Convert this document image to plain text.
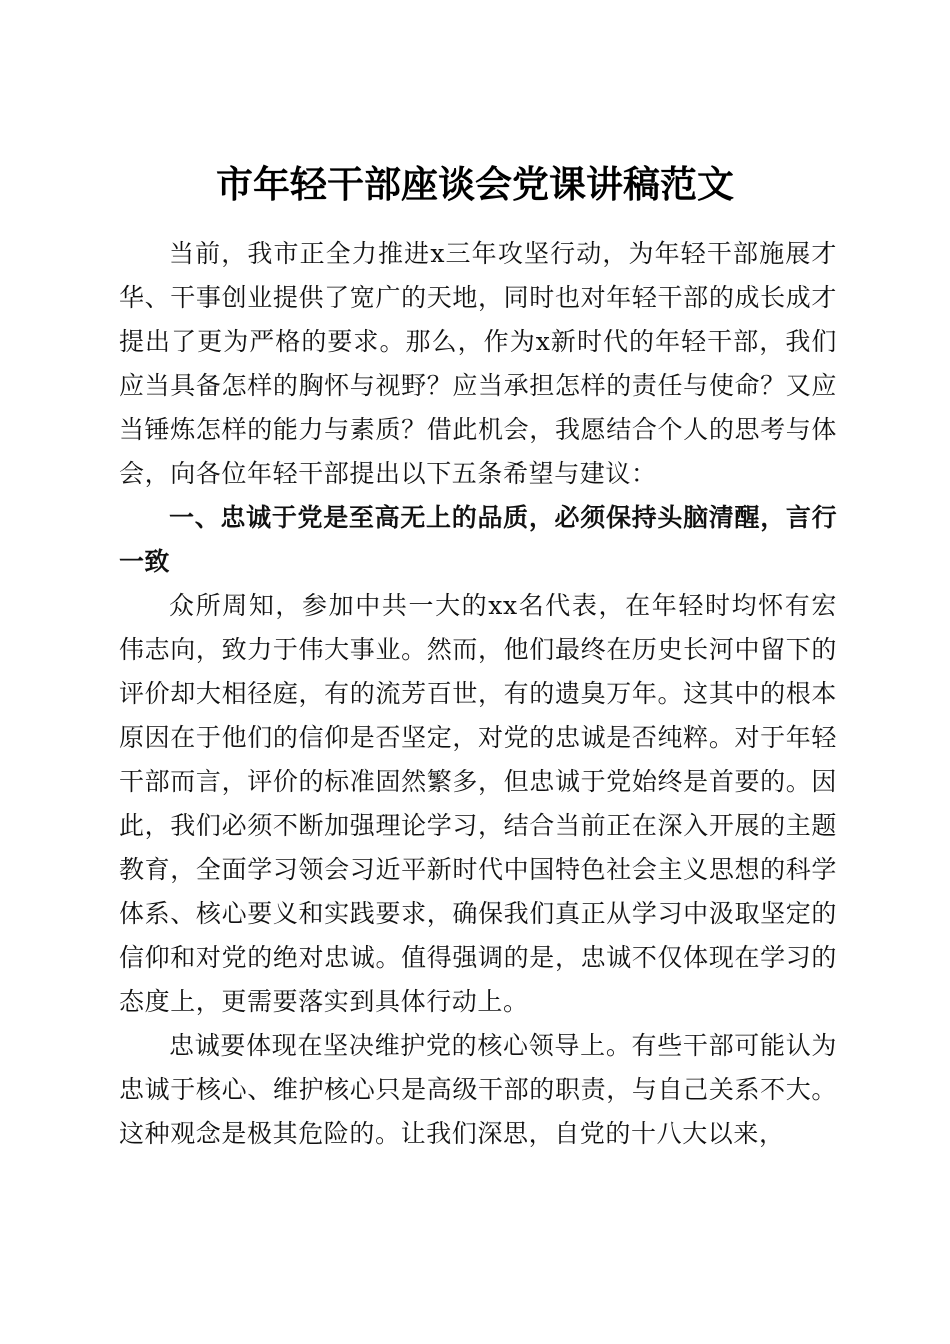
市年轻干部座谈会党课讲稿范文

当前，我市正全力推进x三年攻坚行动，为年轻干部施展才华、干事创业提供了宽广的天地，同时也对年轻干部的成长成才提出了更为严格的要求。那么，作为x新时代的年轻干部，我们应当具备怎样的胸怀与视野？应当承担怎样的责任与使命？又应当锤炼怎样的能力与素质？借此机会，我愿结合个人的思考与体会，向各位年轻干部提出以下五条希望与建议：

一、忠诚于党是至高无上的品质，必须保持头脑清醒，言行一致

众所周知，参加中共一大的xx名代表，在年轻时均怀有宏伟志向，致力于伟大事业。然而，他们最终在历史长河中留下的评价却大相径庭，有的流芳百世，有的遗臭万年。这其中的根本原因在于他们的信仰是否坚定，对党的忠诚是否纯粹。对于年轻干部而言，评价的标准固然繁多，但忠诚于党始终是首要的。因此，我们必须不断加强理论学习，结合当前正在深入开展的主题教育，全面学习领会习近平新时代中国特色社会主义思想的科学体系、核心要义和实践要求，确保我们真正从学习中汲取坚定的信仰和对党的绝对忠诚。值得强调的是，忠诚不仅体现在学习的态度上，更需要落实到具体行动上。

忠诚要体现在坚决维护党的核心领导上。有些干部可能认为忠诚于核心、维护核心只是高级干部的职责，与自己关系不大。这种观念是极其危险的。让我们深思，自党的十八大以来，
